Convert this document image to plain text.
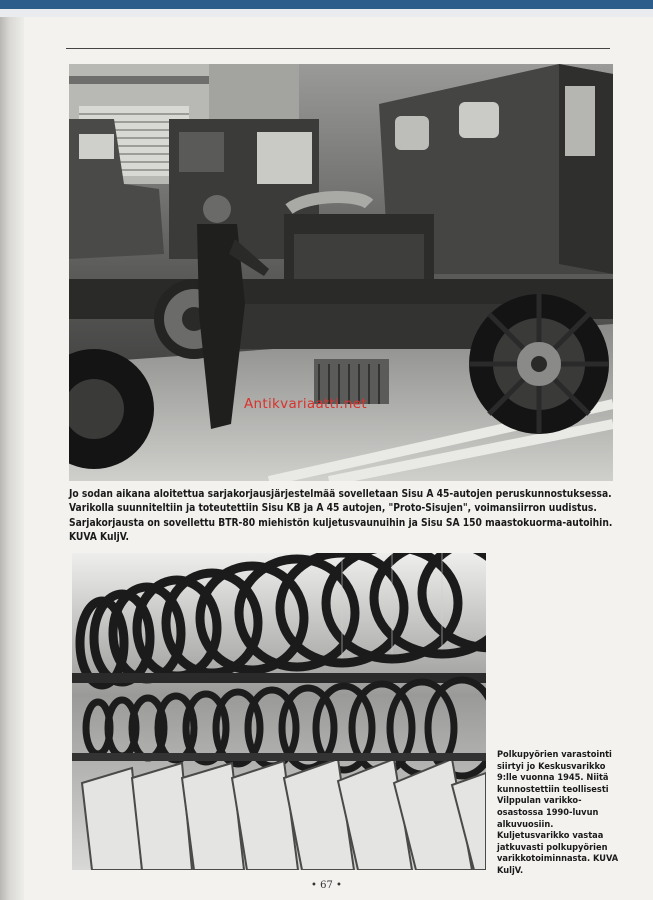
Antikvariaatti.net
Jo sodan aikana aloitettua sarjakorjausjärjestelmää sovelletaan Sisu A 45-autojen peruskunnostuksessa. Varikolla suunniteltiin ja toteutettiin Sisu KB ja A 45 autojen, "Proto-Sisujen", voimansiirron uudistus. Sarjakorjausta on sovellettu BTR-80 miehistön kuljetusvaunuihin ja Sisu SA 150 maastokuorma-autoihin. KUVA KuljV.
Polkupyörien varastointi siirtyi jo Keskusvarikko 9:lle vuonna 1945. Niitä kunnostettiin teollisesti Vilppulan varikko-osastossa 1990-luvun alkuvuosiin. Kuljetusvarikko vastaa jatkuvasti polkupyörien varikkotoiminnasta. KUVA KuljV.
• 67 •
